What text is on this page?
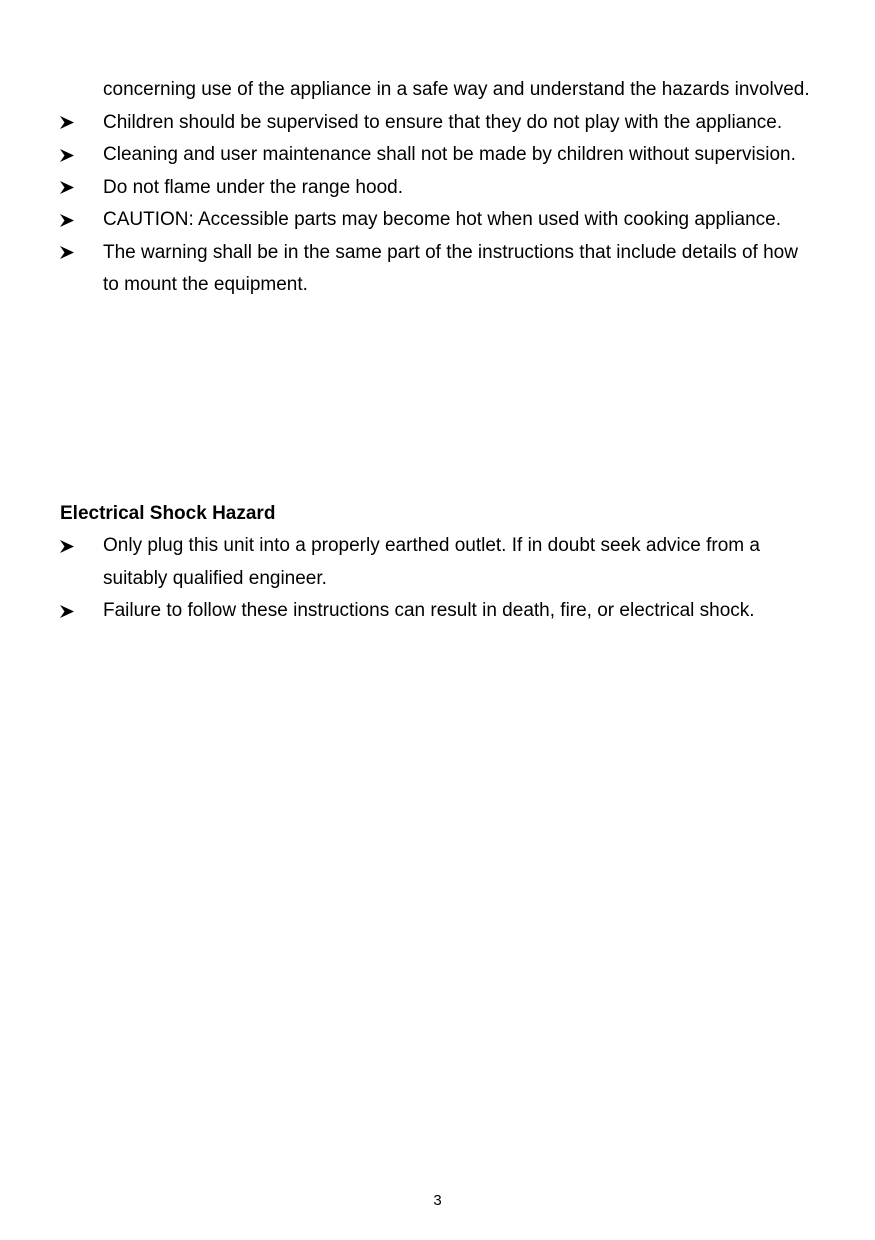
concerning use of the appliance in a safe way and understand the hazards involved.
Children should be supervised to ensure that they do not play with the appliance.
Cleaning and user maintenance shall not be made by children without supervision.
Do not flame under the range hood.
CAUTION: Accessible parts may become hot when used with cooking appliance.
The warning shall be in the same part of the instructions that include details of how to mount the equipment.
Electrical Shock Hazard
Only plug this unit into a properly earthed outlet. If in doubt seek advice from a suitably qualified engineer.
Failure to follow these instructions can result in death, fire, or electrical shock.
3
